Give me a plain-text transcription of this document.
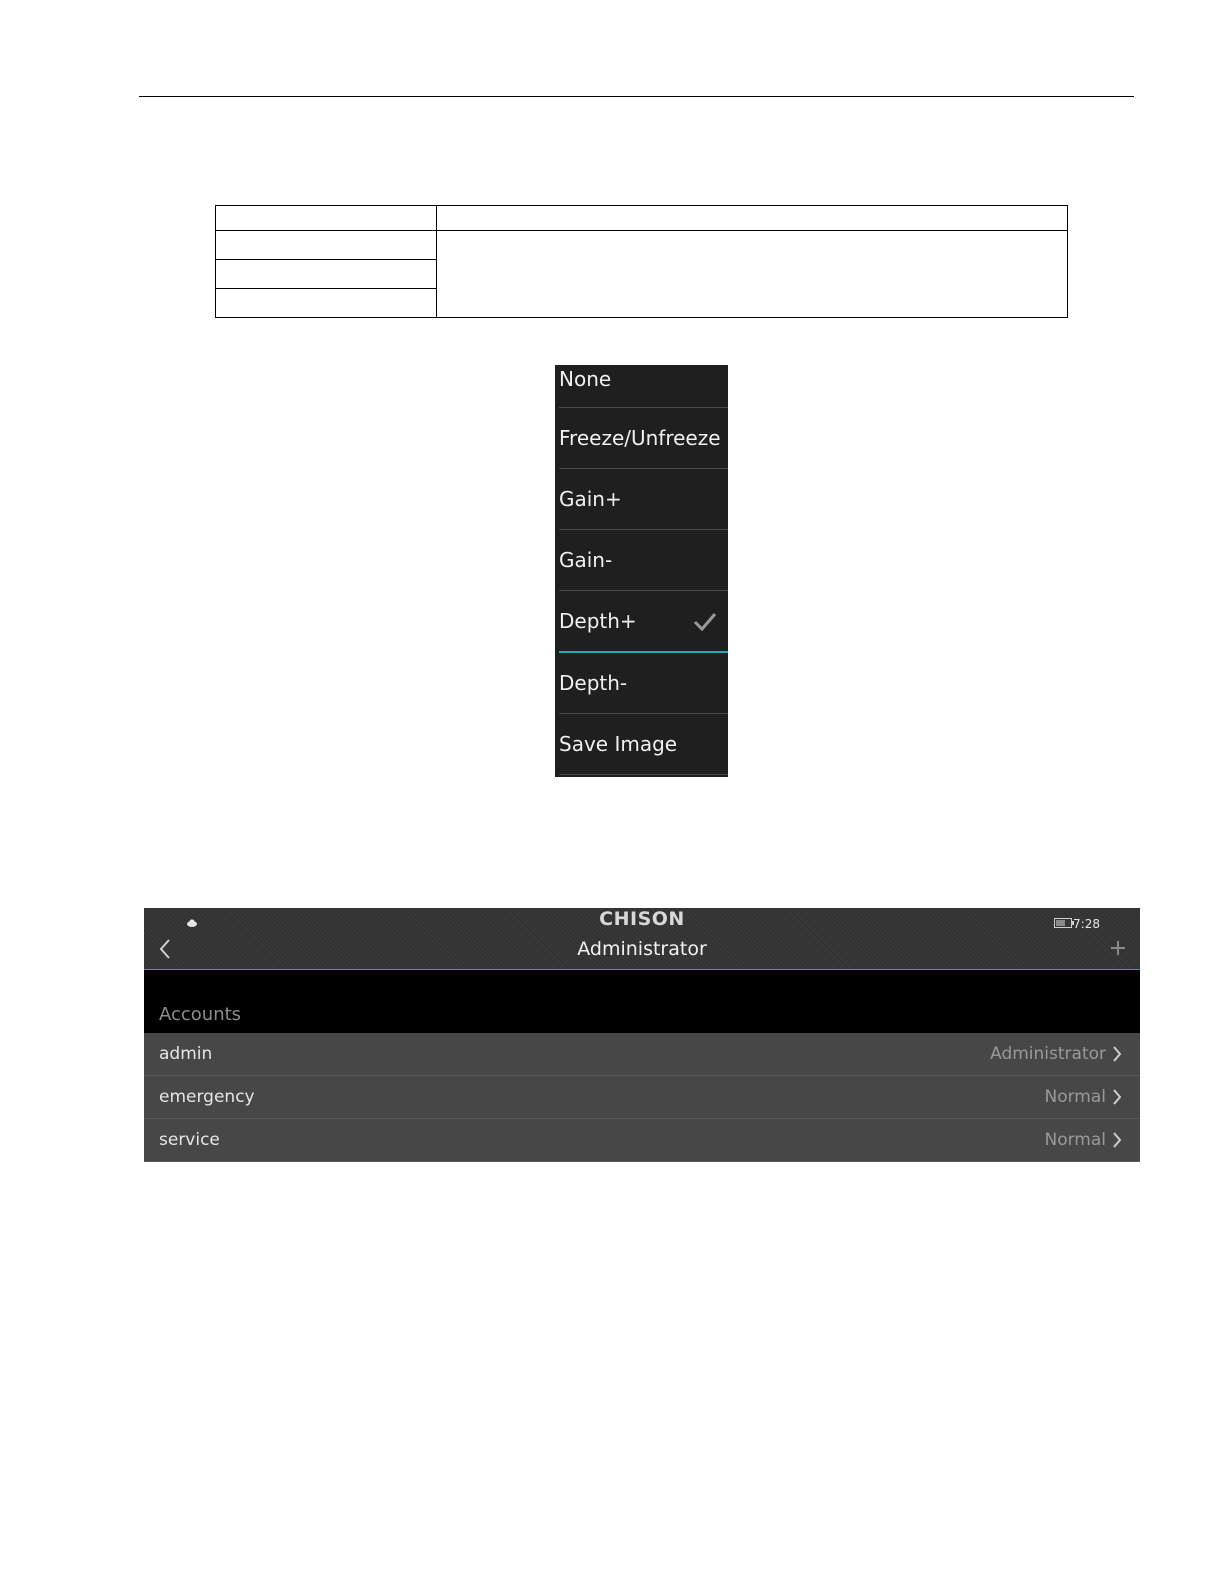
None
Freeze/Unfreeze
Gain+
Gain-
Depth+
Depth-
Save Image
CHISON	7:28
Administrator
Accounts
admin	Administrator
emergency	Normal
service	Normal
